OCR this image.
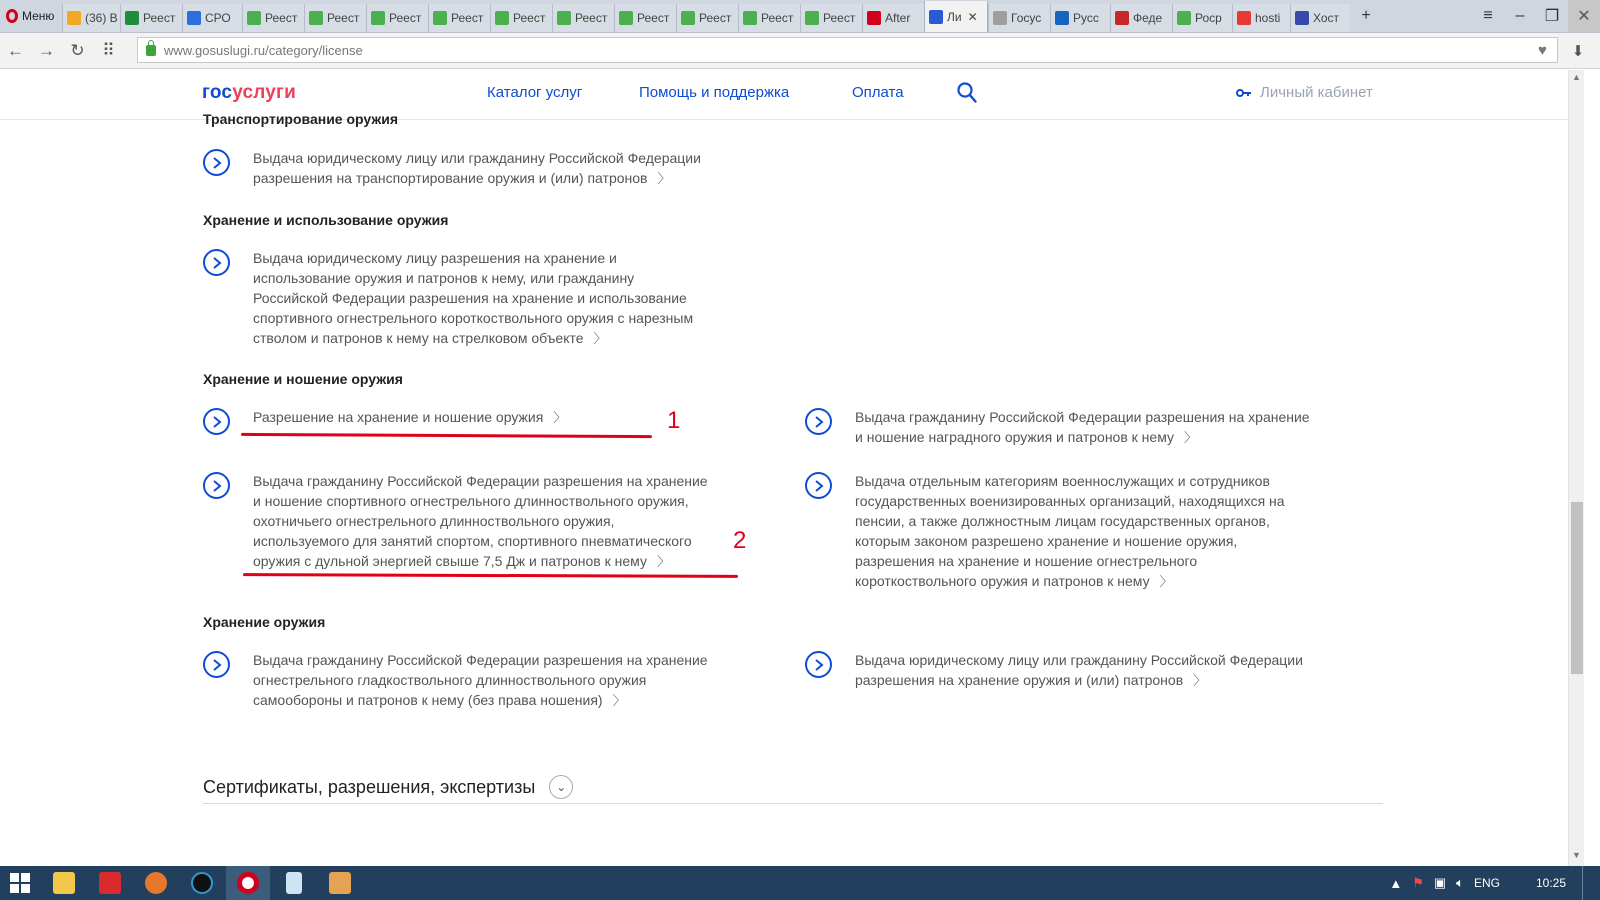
Меню	(36) В Реест СРО	Реест Реест Реест Реест Реест Реест Реест Реест Реест Реест After	Ли ✕	Госус	Русс	Феде	Роср	hosti	Хост	+	≡	–	❐	✕
← → ↻	⠿	www.gosuslugi.ru/category/license	♥	⬇
госуслуги	Каталог услуг	Помощь и поддержка	Оплата	Личный кабинет
Транспортирование оружия
Хранение и использование оружия
Хранение и ношение оружия
Хранение оружия
Выдача юридическому лицу или гражданину Российской Федерации
разрешения на транспортирование оружия и (или) патронов 〉
Выдача юридическому лицу разрешения на хранение и
использование оружия и патронов к нему, или гражданину
Российской Федерации разрешения на хранение и использование
спортивного огнестрельного короткоствольного оружия с нарезным
стволом и патронов к нему на стрелковом объекте 〉
Разрешение на хранение и ношение оружия 〉	Выдача гражданину Российской Федерации разрешения на хранение
и ношение наградного оружия и патронов к нему 〉
Выдача гражданину Российской Федерации разрешения на хранение
и ношение спортивного огнестрельного длинноствольного оружия,
охотничьего огнестрельного длинноствольного оружия,
используемого для занятий спортом, спортивного пневматического
оружия с дульной энергией свыше 7,5 Дж и патронов к нему 〉
Выдача отдельным категориям военнослужащих и сотрудников
государственных военизированных организаций, находящихся на
пенсии, а также должностным лицам государственных органов,
которым законом разрешено хранение и ношение оружия,
разрешения на хранение и ношение огнестрельного
короткоствольного оружия и патронов к нему 〉
Выдача гражданину Российской Федерации разрешения на хранение
огнестрельного гладкоствольного длинноствольного оружия
самообороны и патронов к нему (без права ношения) 〉
Выдача юридическому лицу или гражданину Российской Федерации
разрешения на хранение оружия и (или) патронов 〉
1
2
Сертификаты, разрешения, экспертизы	⌄
▲
▼
▲ ⚑ ▣ 🔈︎ ENG	10:25
